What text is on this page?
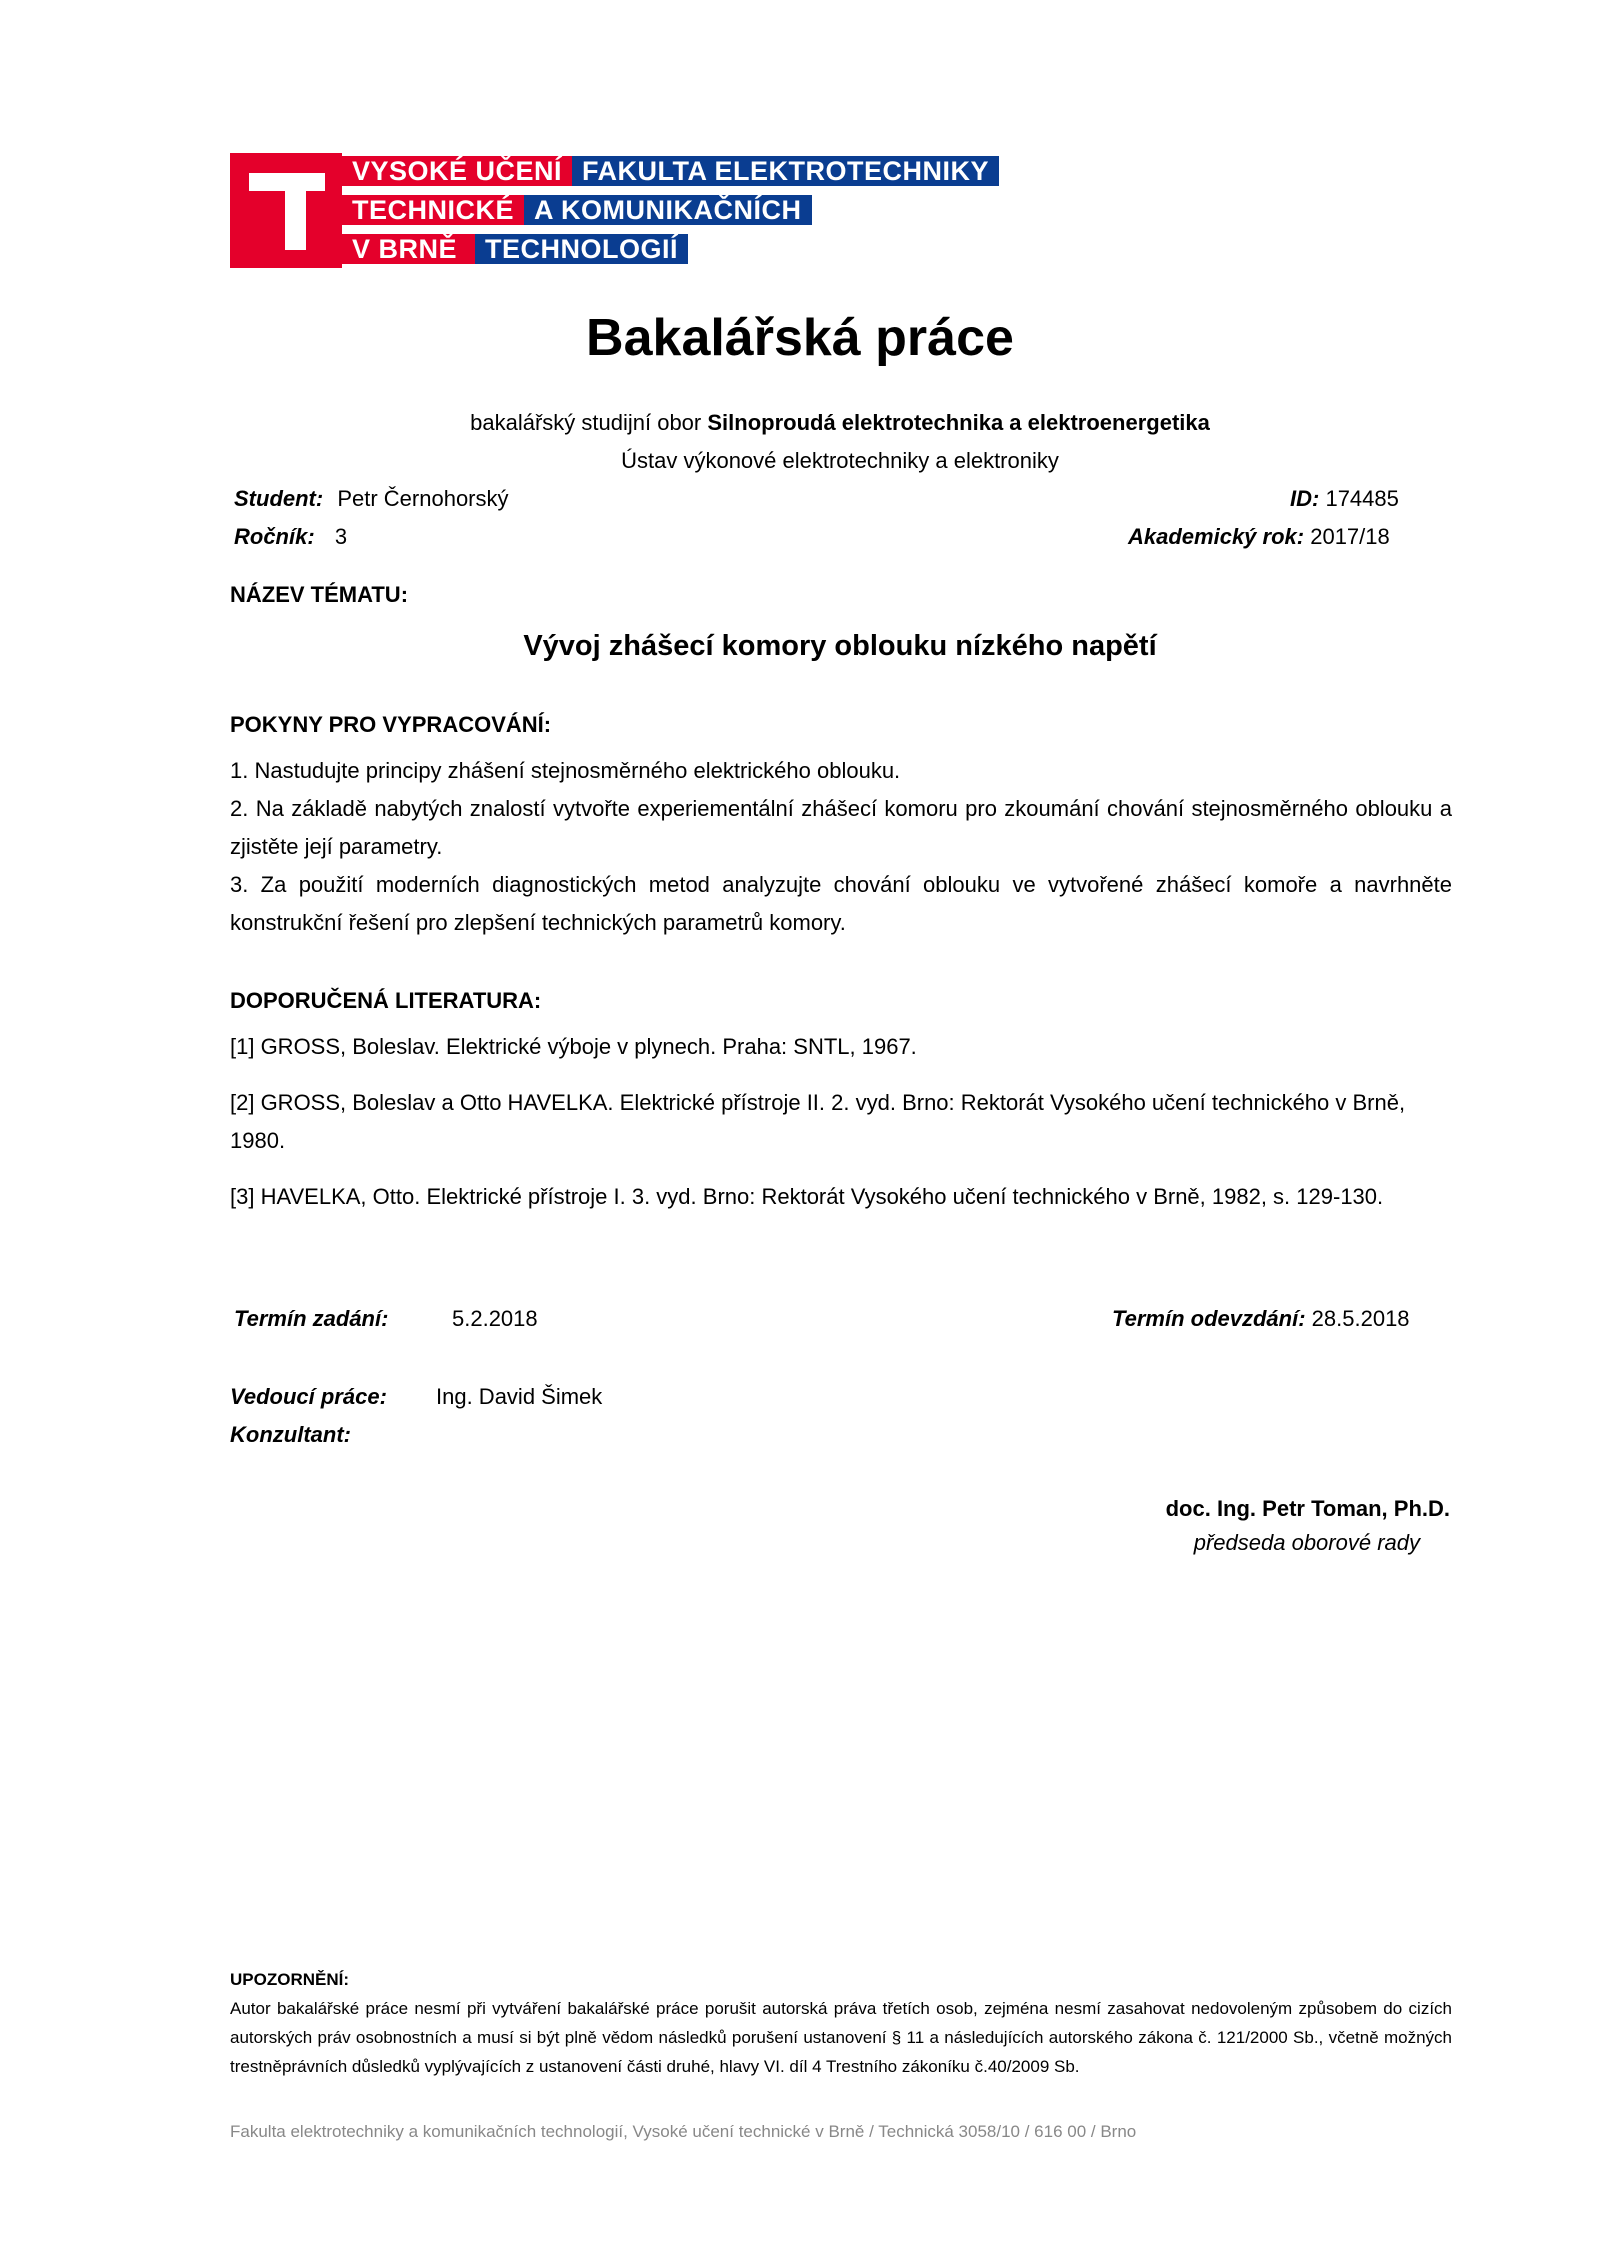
VYSOKÉ UČENÍ FAKULTA ELEKTROTECHNIKY
TECHNICKÉ A KOMUNIKAČNÍCH
V BRNĚ TECHNOLOGIÍ
Bakalářská práce
bakalářský studijní obor Silnoproudá elektrotechnika a elektroenergetika
Ústav výkonové elektrotechniky a elektroniky
Student: Petr Černohorský	ID: 174485
Ročník: 3	Akademický rok: 2017/18
NÁZEV TÉMATU:
Vývoj zhášecí komory oblouku nízkého napětí
POKYNY PRO VYPRACOVÁNÍ:
1. Nastudujte principy zhášení stejnosměrného elektrického oblouku.
2. Na základě nabytých znalostí vytvořte experiementální zhášecí komoru pro zkoumání chování stejnosměrného oblouku a zjistěte její parametry.
3. Za použití moderních diagnostických metod analyzujte chování oblouku ve vytvořené zhášecí komoře a navrhněte konstrukční řešení pro zlepšení technických parametrů komory.
DOPORUČENÁ LITERATURA:
[1] GROSS, Boleslav. Elektrické výboje v plynech. Praha: SNTL, 1967.
[2] GROSS, Boleslav a Otto HAVELKA. Elektrické přístroje II. 2. vyd. Brno: Rektorát Vysokého učení technického v Brně, 1980.
[3] HAVELKA, Otto. Elektrické přístroje I. 3. vyd. Brno: Rektorát Vysokého učení technického v Brně, 1982, s. 129-130.
Termín zadání:	5.2.2018	Termín odevzdání: 28.5.2018
Vedoucí práce: Ing. David Šimek
Konzultant:
doc. Ing. Petr Toman, Ph.D.
předseda oborové rady
UPOZORNĚNÍ:
Autor bakalářské práce nesmí při vytváření bakalářské práce porušit autorská práva třetích osob, zejména nesmí zasahovat nedovoleným způsobem do cizích autorských práv osobnostních a musí si být plně vědom následků porušení ustanovení § 11 a následujících autorského zákona č. 121/2000 Sb., včetně možných trestněprávních důsledků vyplývajících z ustanovení části druhé, hlavy VI. díl 4 Trestního zákoníku č.40/2009 Sb.
Fakulta elektrotechniky a komunikačních technologií, Vysoké učení technické v Brně / Technická 3058/10 / 616 00 / Brno
